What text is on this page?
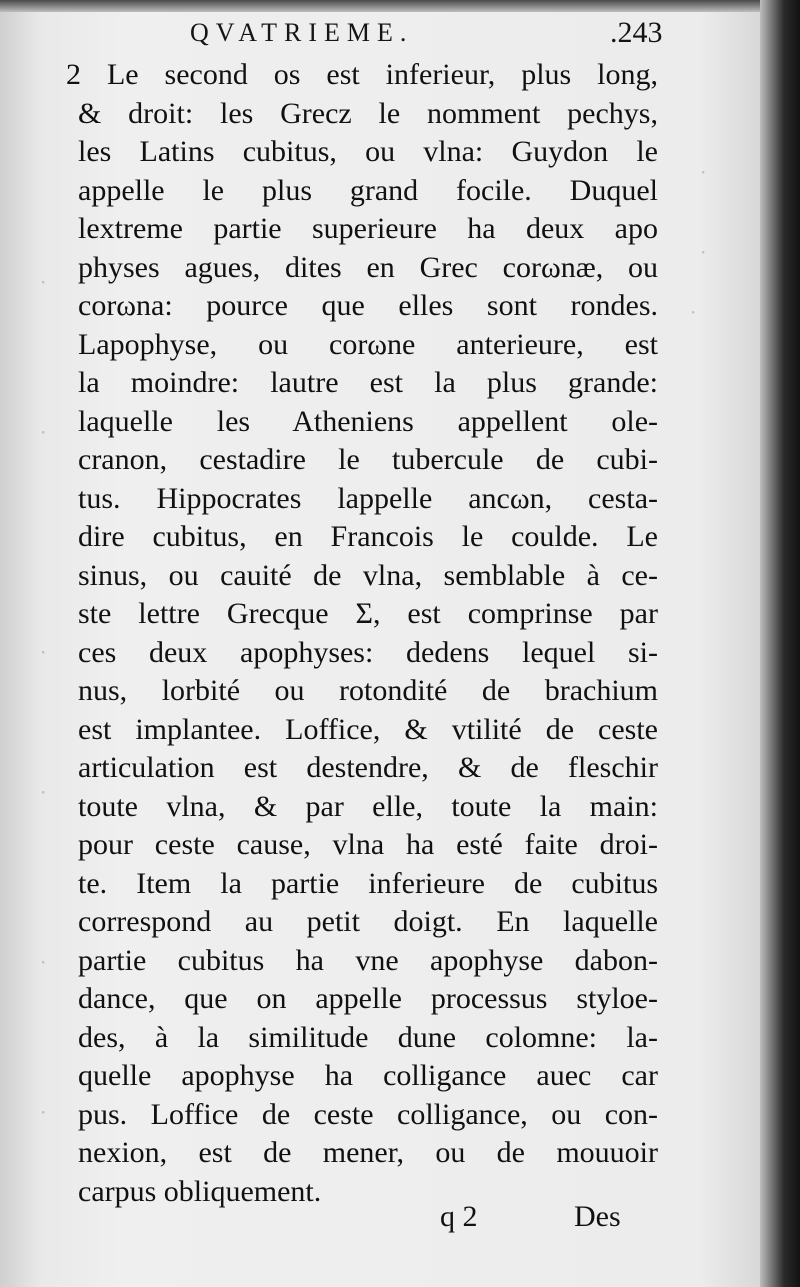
·
·
·
·
·
·
·
·
·
QVATRIEME.	.243
2 Le second os est inferieur, plus long,
& droit: les Grecz le nomment pechys,
les Latins cubitus, ou vlna: Guydon le
appelle le plus grand focile. Duquel
lextreme partie superieure ha deux apo
physes agues, dites en Grec corωnæ, ou
corωna: pource que elles sont rondes.
Lapophyse, ou corωne anterieure, est
la moindre: lautre est la plus grande:
laquelle les Atheniens appellent ole-
cranon, cestadire le tubercule de cubi-
tus. Hippocrates lappelle ancωn, cesta-
dire cubitus, en Francois le coulde. Le
sinus, ou cauité de vlna, semblable à ce-
ste lettre Grecque Σ, est comprinse par
ces deux apophyses: dedens lequel si-
nus, lorbité ou rotondité de brachium
est implantee. Loffice, & vtilité de ceste
articulation est destendre, & de fleschir
toute vlna, & par elle, toute la main:
pour ceste cause, vlna ha esté faite droi-
te. Item la partie inferieure de cubitus
correspond au petit doigt. En laquelle
partie cubitus ha vne apophyse dabon-
dance, que on appelle processus styloe-
des, à la similitude dune colomne: la-
quelle apophyse ha colligance auec car
pus. Loffice de ceste colligance, ou con-
nexion, est de mener, ou de mouuoir
carpus obliquement.
q 2	Des
